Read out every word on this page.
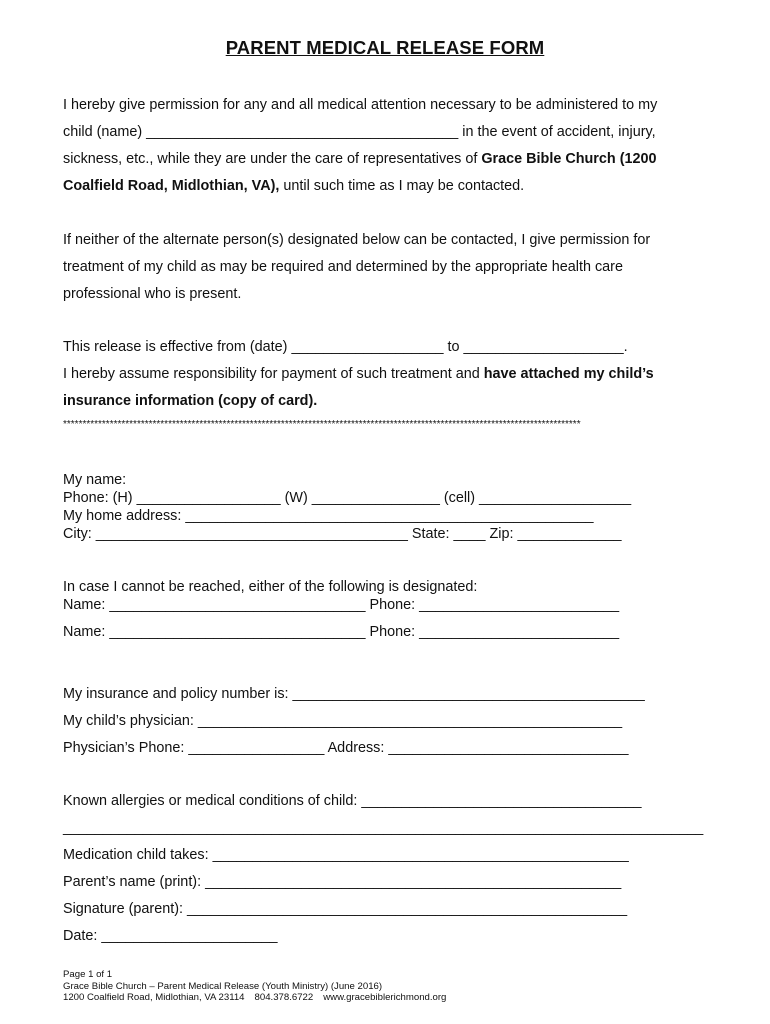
PARENT MEDICAL RELEASE FORM
I hereby give permission for any and all medical attention necessary to be administered to my
child (name) _______________________________________ in the event of accident, injury,
sickness, etc., while they are under the care of representatives of Grace Bible Church (1200
Coalfield Road, Midlothian, VA), until such time as I may be contacted.
If neither of the alternate person(s) designated below can be contacted, I give permission for
treatment of my child as may be required and determined by the appropriate health care
professional who is present.
This release is effective from (date) ___________________ to ____________________.
I hereby assume responsibility for payment of such treatment and have attached my child’s
insurance information (copy of card).
*************************************************************************************************************************************
My name:
Phone: (H) __________________ (W) ________________ (cell) ___________________
My home address: ___________________________________________________
City: _______________________________________ State: ____ Zip: _____________
In case I cannot be reached, either of the following is designated:
Name: ________________________________ Phone: _________________________
Name: ________________________________ Phone: _________________________
My insurance and policy number is: ____________________________________________
My child’s physician: _____________________________________________________
Physician’s Phone: _________________ Address: ______________________________
Known allergies or medical conditions of child: ___________________________________
________________________________________________________________________________
Medication child takes: ____________________________________________________
Parent’s name (print): ____________________________________________________
Signature (parent): _______________________________________________________
Date: ______________________
Page 1 of 1
Grace Bible Church – Parent Medical Release (Youth Ministry) (June 2016)
1200 Coalfield Road, Midlothian, VA 23114 804.378.6722 www.gracebiblerichmond.org
